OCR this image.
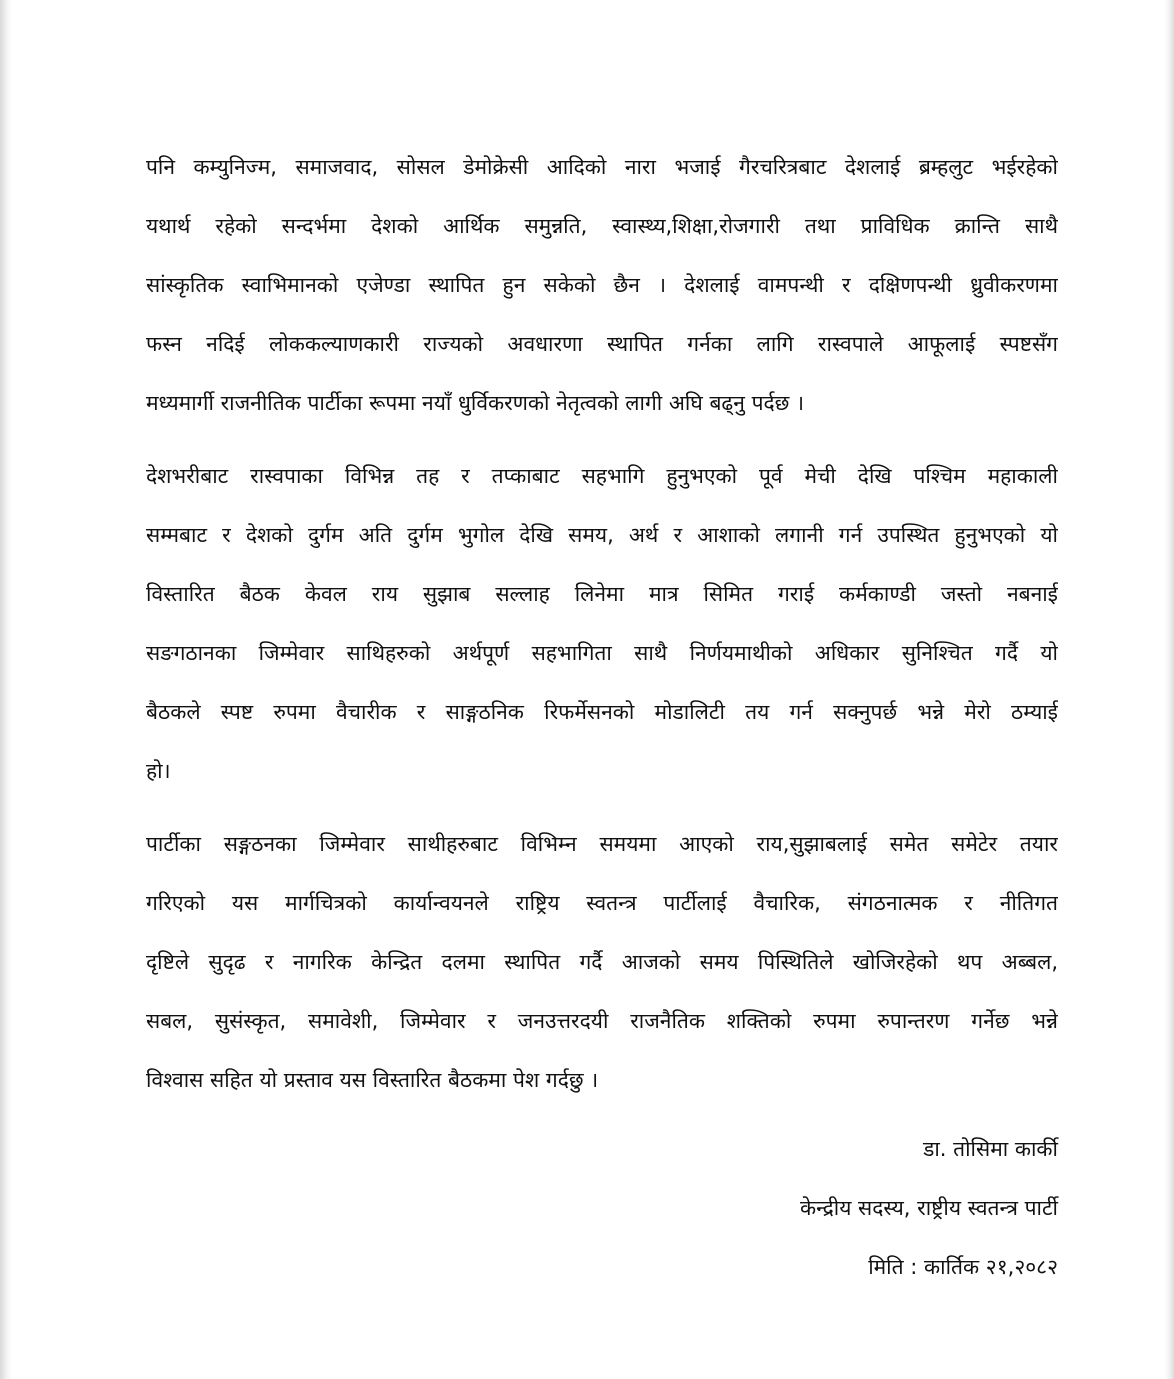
पनि कम्युनिज्म, समाजवाद, सोसल डेमोक्रेसी आदिको नारा भजाई गैरचरित्रबाट देशलाई ब्रम्हलुट भईरहेको
यथार्थ रहेको सन्दर्भमा देशको आर्थिक समुन्नति, स्वास्थ्य,शिक्षा,रोजगारी तथा प्राविधिक क्रान्ति साथै
सांस्कृतिक स्वाभिमानको एजेण्डा स्थापित हुन सकेको छैन । देशलाई वामपन्थी र दक्षिणपन्थी ध्रुवीकरणमा
फस्न नदिई लोककल्याणकारी राज्यको अवधारणा स्थापित गर्नका लागि रास्वपाले आफूलाई स्पष्टसँग
मध्यमार्गी राजनीतिक पार्टीका रूपमा नयाँ धुर्विकरणको नेतृत्वको लागी अघि बढ्नु पर्दछ ।
देशभरीबाट रास्वपाका विभिन्न तह र तप्काबाट सहभागि हुनुभएको पूर्व मेची देखि पश्चिम महाकाली
सम्मबाट र देशको दुर्गम अति दुर्गम भुगोल देखि समय, अर्थ र आशाको लगानी गर्न उपस्थित हुनुभएको यो
विस्तारित बैठक केवल राय सुझाब सल्लाह लिनेमा मात्र सिमित गराई कर्मकाण्डी जस्तो नबनाई
सङगठानका जिम्मेवार साथिहरुको अर्थपूर्ण सहभागिता साथै निर्णयमाथीको अधिकार सुनिश्चित गर्दै यो
बैठकले स्पष्ट रुपमा वैचारीक र साङ्गठनिक रिफर्मेसनको मोडालिटी तय गर्न सक्नुपर्छ भन्ने मेरो ठम्याई
हो।
पार्टीका सङ्गठनका जिम्मेवार साथीहरुबाट विभिम्न समयमा आएको राय,सुझाबलाई समेत समेटेर तयार
गरिएको यस मार्गचित्रको कार्यान्वयनले राष्ट्रिय स्वतन्त्र पार्टीलाई वैचारिक, संगठनात्मक र नीतिगत
दृष्टिले सुदृढ र नागरिक केन्द्रित दलमा स्थापित गर्दै आजको समय पिस्थितिले खोजिरहेको थप अब्बल,
सबल, सुसंस्कृत, समावेशी, जिम्मेवार र जनउत्तरदयी राजनैतिक शक्तिको रुपमा रुपान्तरण गर्नेछ भन्ने
विश्वास सहित यो प्रस्ताव यस विस्तारित बैठकमा पेश गर्दछु ।
डा. तोसिमा कार्की
केन्द्रीय सदस्य, राष्ट्रीय स्वतन्त्र पार्टी
मिति : कार्तिक २१,२०८२
